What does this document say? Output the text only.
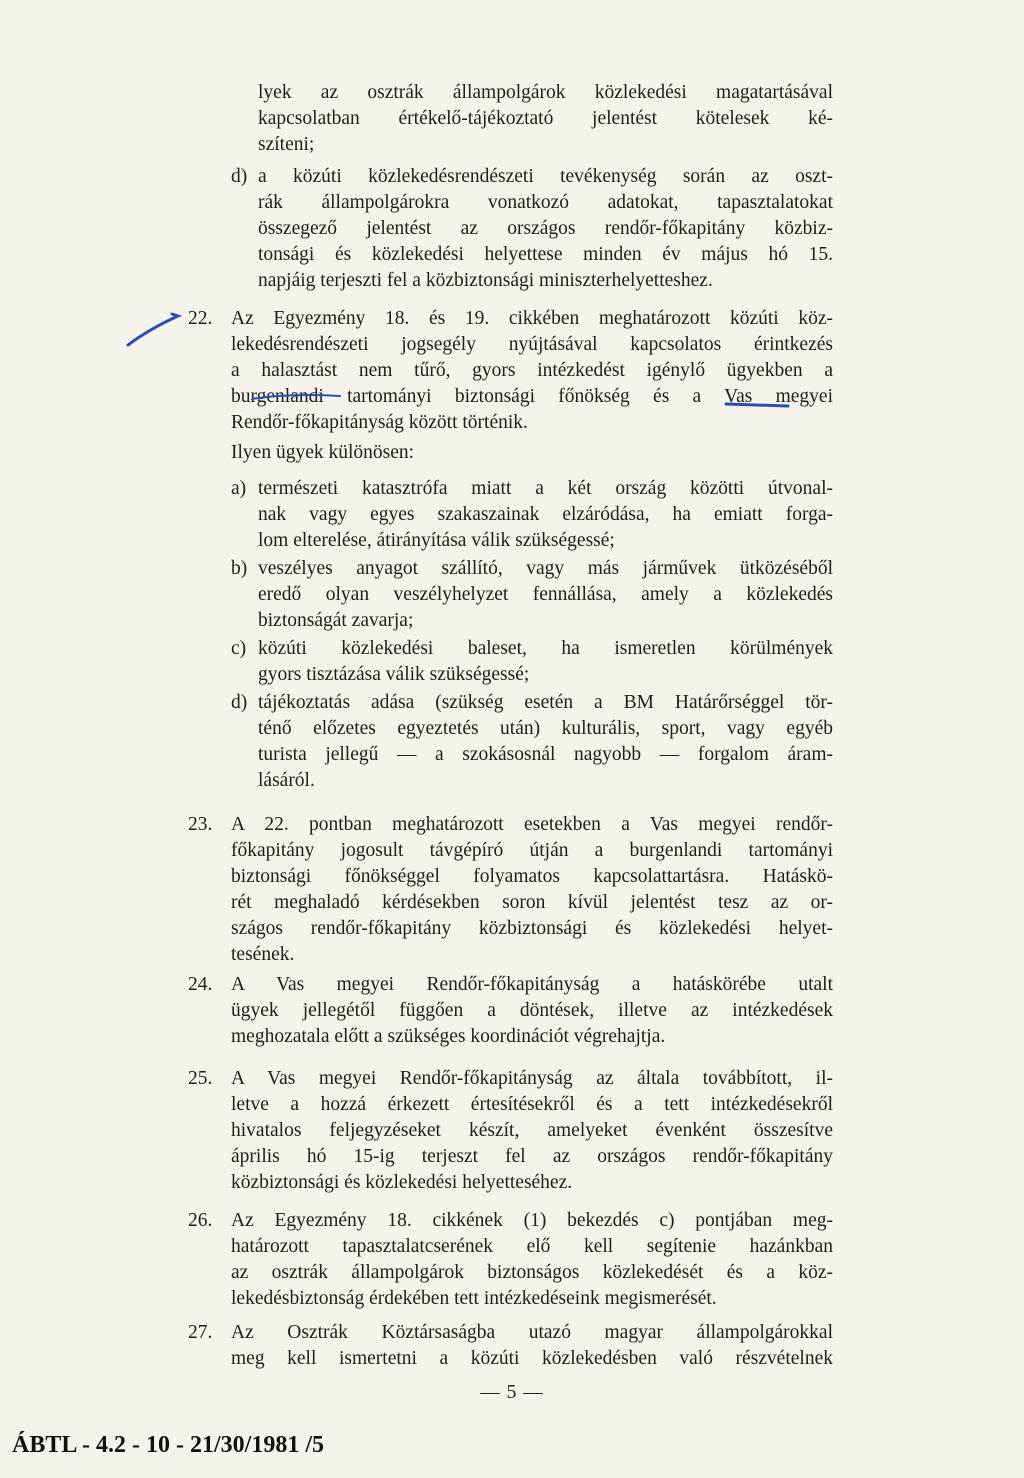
lyek az osztrák állampolgárok közlekedési magatartásával
kapcsolatban értékelő-tájékoztató jelentést kötelesek ké-
szíteni;
d) a közúti közlekedésrendészeti tevékenység során az oszt-
rák állampolgárokra vonatkozó adatokat, tapasztalatokat
összegező jelentést az országos rendőr-főkapitány közbiz-
tonsági és közlekedési helyettese minden év május hó 15.
napjáig terjeszti fel a közbiztonsági miniszterhelyetteshez.
22. Az Egyezmény 18. és 19. cikkében meghatározott közúti köz-
lekedésrendészeti jogsegély nyújtásával kapcsolatos érintkezés
a halasztást nem tűrő, gyors intézkedést igénylő ügyekben a
burgenlandi tartományi biztonsági főnökség és a Vas megyei
Rendőr-főkapitányság között történik.
Ilyen ügyek különösen:
a) természeti katasztrófa miatt a két ország közötti útvonal-
nak vagy egyes szakaszainak elzáródása, ha emiatt forga-
lom elterelése, átirányítása válik szükségessé;
b) veszélyes anyagot szállító, vagy más járművek ütközéséből
eredő olyan veszélyhelyzet fennállása, amely a közlekedés
biztonságát zavarja;
c) közúti közlekedési baleset, ha ismeretlen körülmények
gyors tisztázása válik szükségessé;
d) tájékoztatás adása (szükség esetén a BM Határőrséggel tör-
ténő előzetes egyeztetés után) kulturális, sport, vagy egyéb
turista jellegű — a szokásosnál nagyobb — forgalom áram-
lásáról.
23. A 22. pontban meghatározott esetekben a Vas megyei rendőr-
főkapitány jogosult távgépíró útján a burgenlandi tartományi
biztonsági főnökséggel folyamatos kapcsolattartásra. Hatáskö-
rét meghaladó kérdésekben soron kívül jelentést tesz az or-
szágos rendőr-főkapitány közbiztonsági és közlekedési helyet-
tesének.
24. A Vas megyei Rendőr-főkapitányság a hatáskörébe utalt
ügyek jellegétől függően a döntések, illetve az intézkedések
meghozatala előtt a szükséges koordinációt végrehajtja.
25. A Vas megyei Rendőr-főkapitányság az általa továbbított, il-
letve a hozzá érkezett értesítésekről és a tett intézkedésekről
hivatalos feljegyzéseket készít, amelyeket évenként összesítve
április hó 15-ig terjeszt fel az országos rendőr-főkapitány
közbiztonsági és közlekedési helyetteséhez.
26. Az Egyezmény 18. cikkének (1) bekezdés c) pontjában meg-
határozott tapasztalatcserének elő kell segítenie hazánkban
az osztrák állampolgárok biztonságos közlekedését és a köz-
lekedésbiztonság érdekében tett intézkedéseink megismerését.
27. Az Osztrák Köztársaságba utazó magyar állampolgárokkal
meg kell ismertetni a közúti közlekedésben való részvételnek
— 5 —
ÁBTL - 4.2 - 10 - 21/30/1981 /5
